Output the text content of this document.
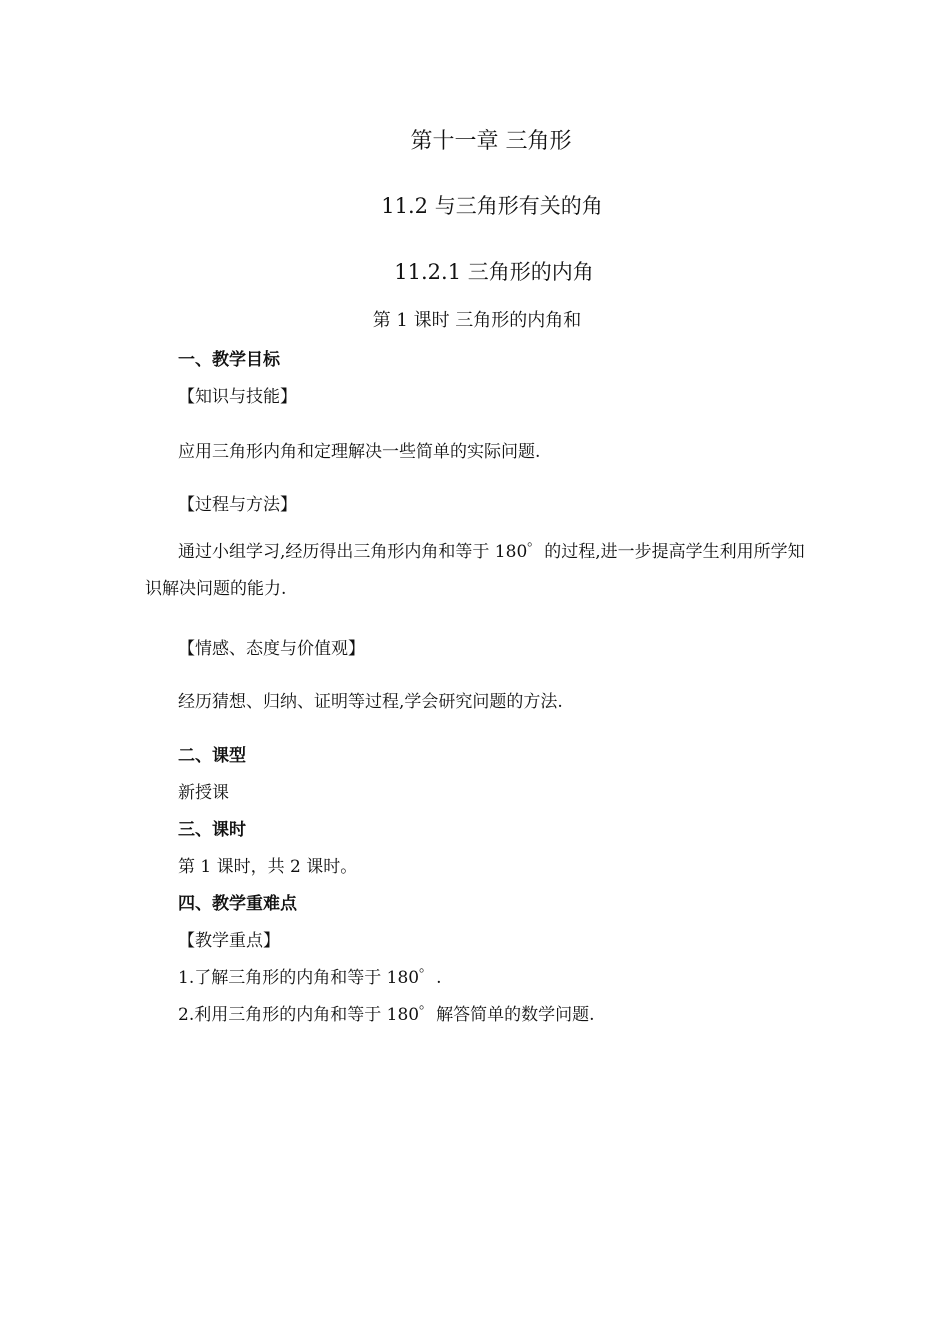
第十一章 三角形
11.2 与三角形有关的角
11.2.1 三角形的内角
第 1 课时 三角形的内角和
一、教学目标
【知识与技能】
应用三角形内角和定理解决一些简单的实际问题.
【过程与方法】
通过小组学习,经历得出三角形内角和等于 180゜的过程,进一步提高学生利用所学知识解决问题的能力.
【情感、态度与价值观】
经历猜想、归纳、证明等过程,学会研究问题的方法.
二、课型
新授课
三、课时
第 1 课时，共 2 课时。
四、教学重难点
【教学重点】
1.了解三角形的内角和等于 180゜.
2.利用三角形的内角和等于 180゜解答简单的数学问题.
